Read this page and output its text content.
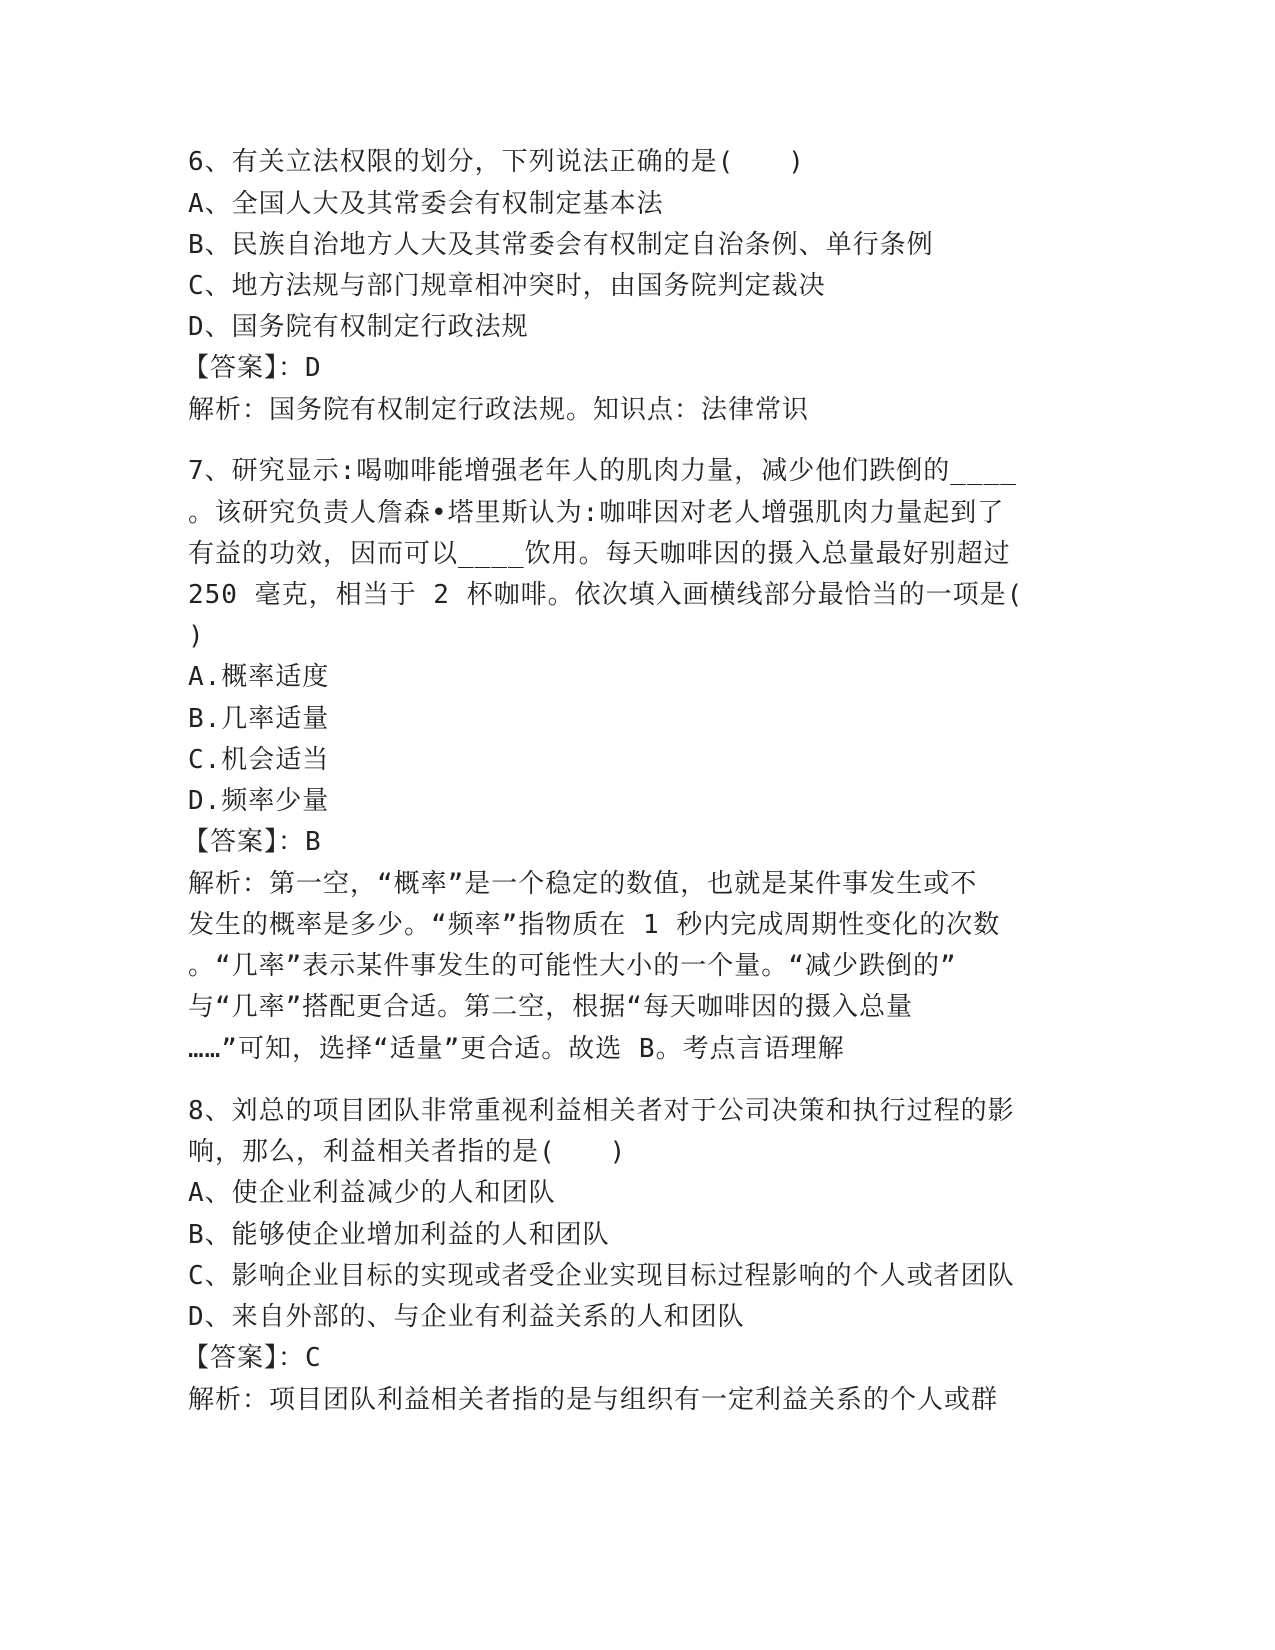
6、有关立法权限的划分，下列说法正确的是(　　)
A、全国人大及其常委会有权制定基本法
B、民族自治地方人大及其常委会有权制定自治条例、单行条例
C、地方法规与部门规章相冲突时，由国务院判定裁决
D、国务院有权制定行政法规
【答案】：D
解析：国务院有权制定行政法规。知识点：法律常识
7、研究显示:喝咖啡能增强老年人的肌肉力量，减少他们跌倒的____
。该研究负责人詹森•塔里斯认为:咖啡因对老人增强肌肉力量起到了
有益的功效，因而可以____饮用。每天咖啡因的摄入总量最好别超过
250 毫克，相当于 2 杯咖啡。依次填入画横线部分最恰当的一项是(
)
A.概率适度
B.几率适量
C.机会适当
D.频率少量
【答案】：B
解析：第一空，“概率”是一个稳定的数值，也就是某件事发生或不
发生的概率是多少。“频率”指物质在 1 秒内完成周期性变化的次数
。“几率”表示某件事发生的可能性大小的一个量。“减少跌倒的”
与“几率”搭配更合适。第二空，根据“每天咖啡因的摄入总量
……”可知，选择“适量”更合适。故选 B。考点言语理解
8、刘总的项目团队非常重视利益相关者对于公司决策和执行过程的影
响，那么，利益相关者指的是(　　)
A、使企业利益减少的人和团队
B、能够使企业增加利益的人和团队
C、影响企业目标的实现或者受企业实现目标过程影响的个人或者团队
D、来自外部的、与企业有利益关系的人和团队
【答案】：C
解析：项目团队利益相关者指的是与组织有一定利益关系的个人或群
